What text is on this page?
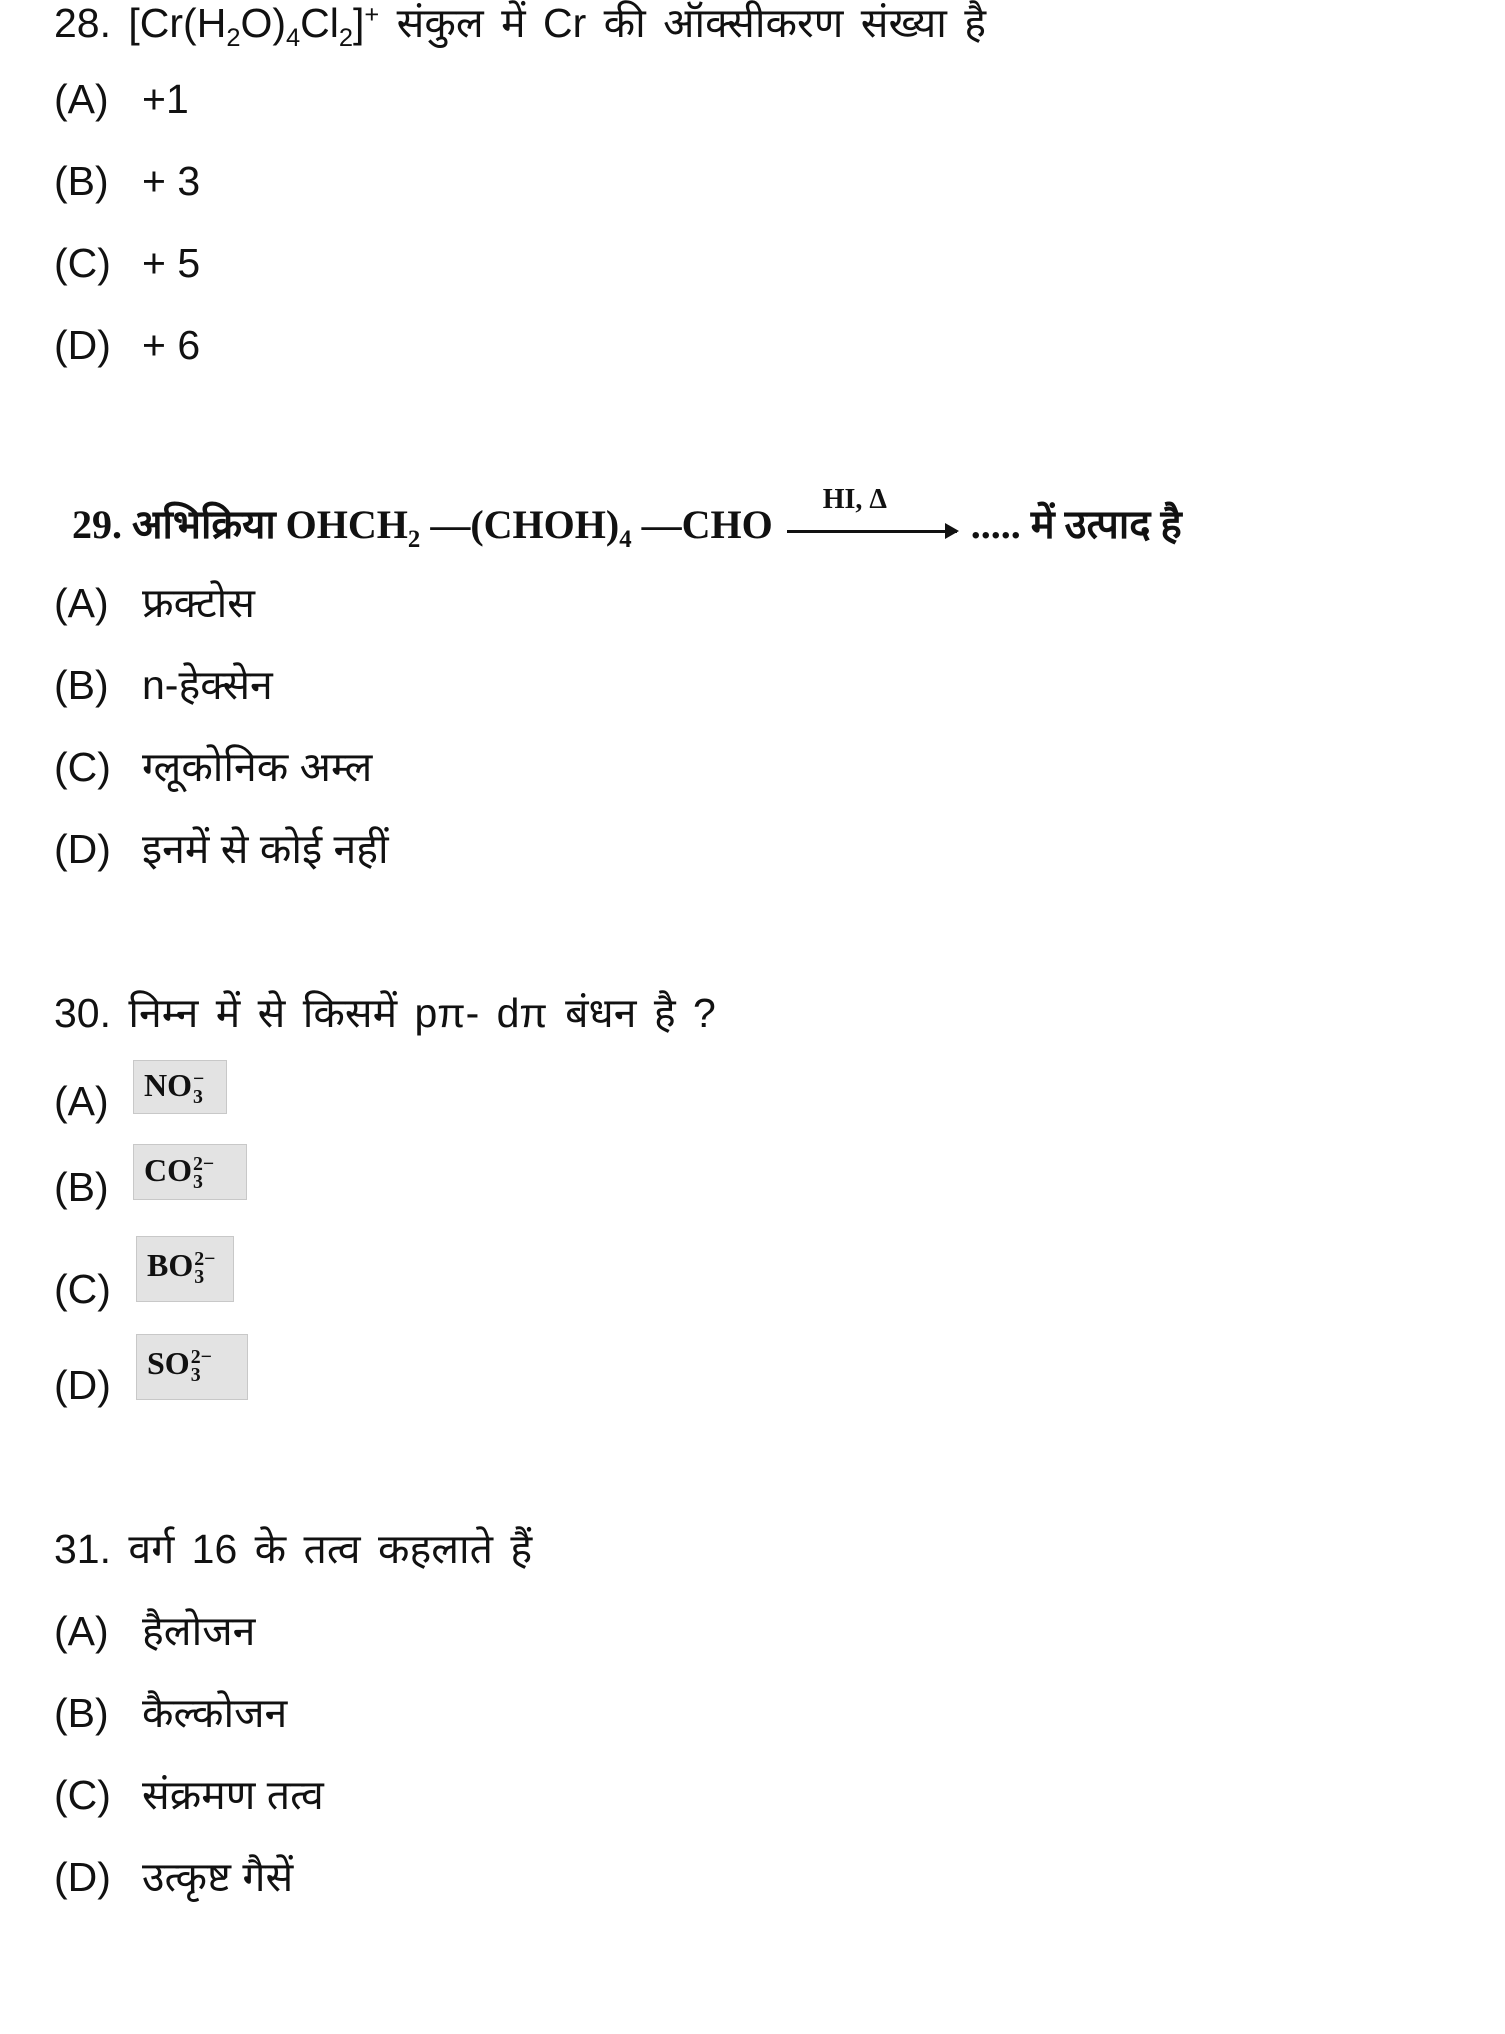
28. $[Cr(H_2O)_4Cl_2]^+$ संकुल में Cr की ऑक्सीकरण संख्या है
(A) +1
(B) + 3
(C) + 5
(D) + 6
29. अभिक्रिया $OHCH_2$ $—(CHOH)_4$ —CHO
HI, Δ
..... में उत्पाद है
(A) फ्रक्टोस
(B) n-हेक्सेन
(C) ग्लूकोनिक अम्ल
(D) इनमें से कोई नहीं
30. निम्न में से किसमें pπ- dπ बंधन है ?
(A)	NO −
3
(B)	CO 2−
3
(C)
BO 2−
3
(D)	SO 2−
3
31. वर्ग 16 के तत्व कहलाते हैं
(A) हैलोजन
(B) कैल्कोजन
(C) संक्रमण तत्व
(D) उत्कृष्ट गैसें
